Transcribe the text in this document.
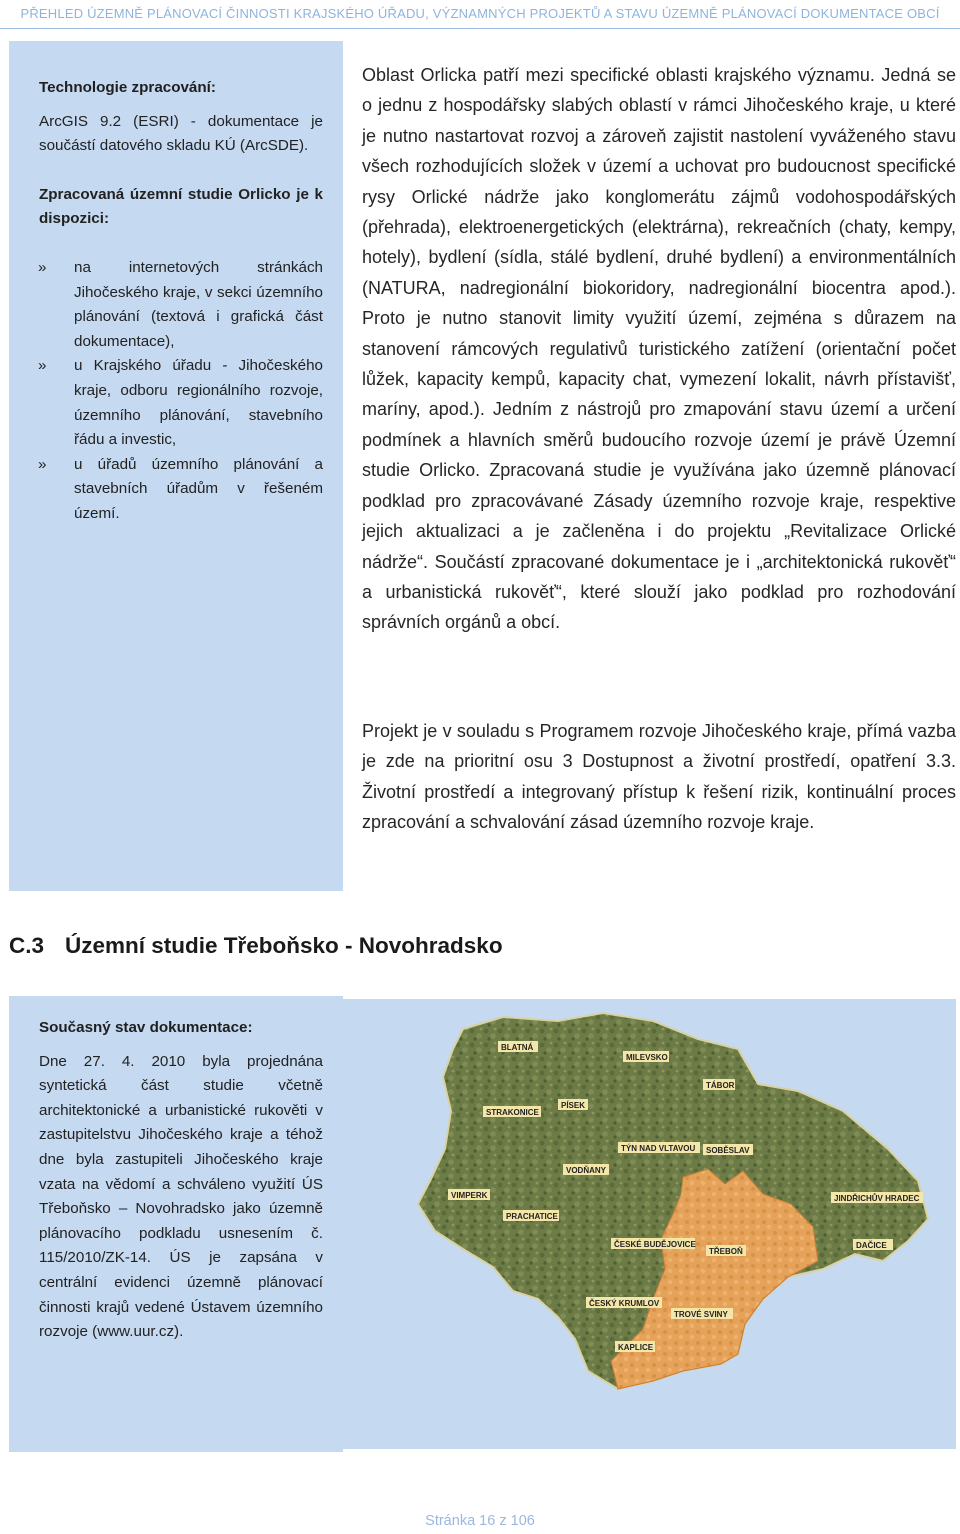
PŘEHLED ÚZEMNĚ PLÁNOVACÍ ČINNOSTI KRAJSKÉHO ÚŘADU, VÝZNAMNÝCH PROJEKTŮ A STAVU ÚZEMNĚ PLÁNOVACÍ DOKUMENTACE OBCÍ
Technologie zpracování:

ArcGIS 9.2 (ESRI) - dokumentace je součástí datového skladu KÚ (ArcSDE).

Zpracovaná územní studie Orlicko je k dispozici:

» na internetových stránkách Jihočeského kraje, v sekci územního plánování (textová i grafická část dokumentace),
» u Krajského úřadu - Jihočeského kraje, odboru regionálního rozvoje, územního plánování, stavebního řádu a investic,
» u úřadů územního plánování a stavebních úřadům v řešeném území.

Oblast Orlicka patří mezi specifické oblasti krajského významu. Jedná se o jednu z hospodářsky slabých oblastí v rámci Jihočeského kraje, u které je nutno nastartovat rozvoj a zároveň zajistit nastolení vyváženého stavu všech rozhodujících složek v území a uchovat pro budoucnost specifické rysy Orlické nádrže jako konglomerátu zájmů vodohospodářských (přehrada), elektroenergetických (elektrárna), rekreačních (chaty, kempy, hotely), bydlení (sídla, stálé bydlení, druhé bydlení) a environmentálních (NATURA, nadregionální biokoridory, nadregionální biocentra apod.). Proto je nutno stanovit limity využití území, zejména s důrazem na stanovení rámcových regulativů turistického zatížení (orientační počet lůžek, kapacity kempů, kapacity chat, vymezení lokalit, návrh přístavišť, maríny, apod.). Jedním z nástrojů pro zmapování stavu území a určení podmínek a hlavních směrů budoucího rozvoje území je právě Územní studie Orlicko. Zpracovaná studie je využívána jako územně plánovací podklad pro zpracovávané Zásady územního rozvoje kraje, respektive jejich aktualizaci a je začleněna i do projektu „Revitalizace Orlické nádrže“. Součástí zpracované dokumentace je i „architektonická rukověť“ a urbanistická rukověť“, které slouží jako podklad pro rozhodování správních orgánů a obcí.

Projekt je v souladu s Programem rozvoje Jihočeského kraje, přímá vazba je zde na prioritní osu 3 Dostupnost a životní prostředí, opatření 3.3. Životní prostředí a integrovaný přístup k řešení rizik, kontinuální proces zpracování a schvalování zásad územního rozvoje kraje.

C.3 Územní studie Třeboňsko - Novohradsko
Současný stav dokumentace:

Dne 27. 4. 2010 byla projednána syntetická část studie včetně architektonické a urbanistické rukověti v zastupitelstvu Jihočeského kraje a téhož dne byla zastupiteli Jihočeského kraje vzata na vědomí a schváleno využití ÚS Třeboňsko – Novohradsko jako územně plánovacího podkladu usnesením č. 115/2010/ZK-14. ÚS je zapsána v centrální evidenci územně plánovací činnosti krajů vedené Ústavem územního rozvoje (www.uur.cz).

BLATNÁ
MILEVSKO
TÁBOR
STRAKONICE
PÍSEK
TÝN NAD VLTAVOU SOBĚSLAV
VODŇANY
VIMPERK	JINDŘICHŮV HRADEC
PRACHATICE
ČESKÉ BUDĚJOVICE
TŘEBOŇ
DAČICE
ČESKÝ KRUMLOV
TROVÉ SVINY
KAPLICE
Stránka 16 z 106
